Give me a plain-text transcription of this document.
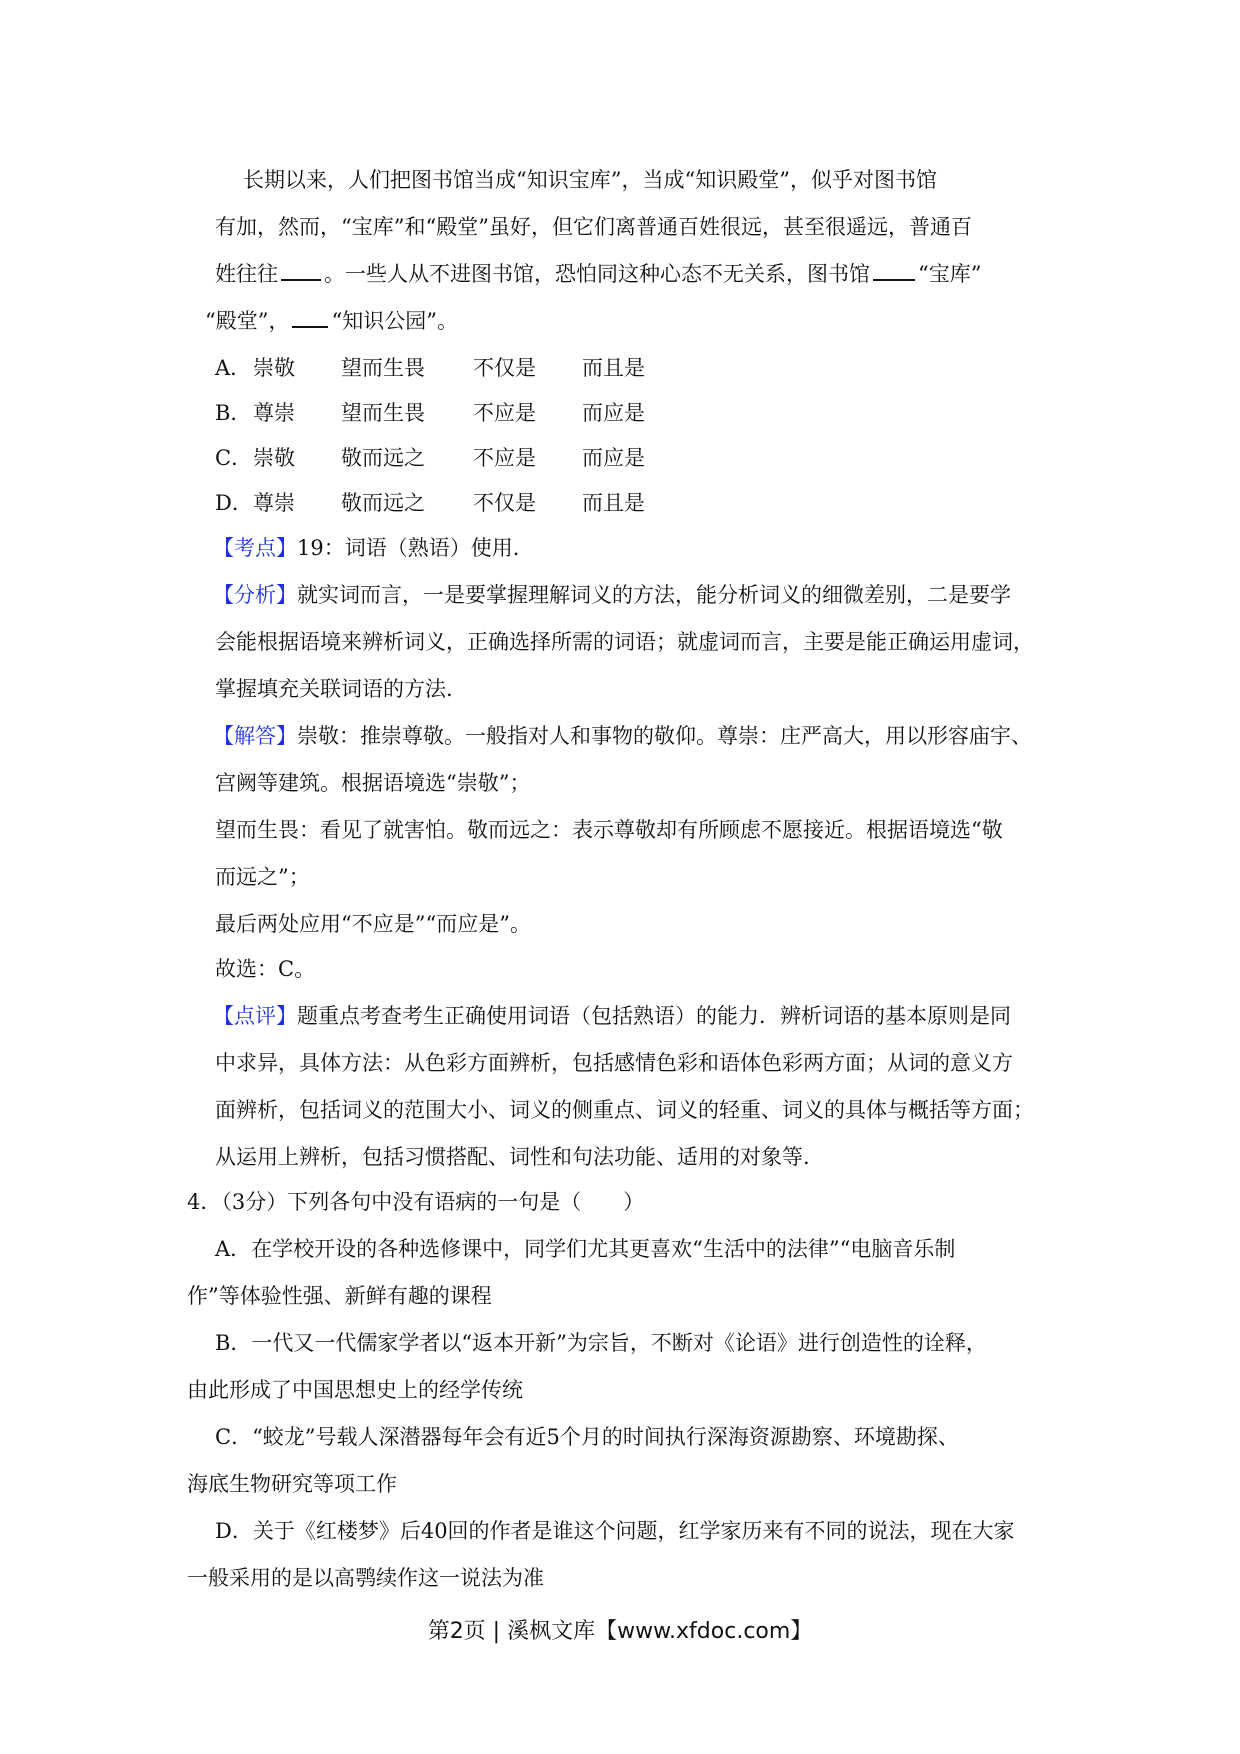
长期以来，人们把图书馆当成“知识宝库”，当成“知识殿堂”，似乎对图书馆
有加，然而，“宝库”和“殿堂”虽好，但它们离普通百姓很远，甚至很遥远，普通百
姓往往 。一些人从不进图书馆，恐怕同这种心态不无关系，图书馆 “宝库”
“殿堂”， “知识公园”。
A．崇敬 望而生畏 不仅是 而且是
B．尊崇 望而生畏 不应是 而应是
C．崇敬 敬而远之 不应是 而应是
D．尊崇 敬而远之 不仅是 而且是
【考点】19：词语（熟语）使用.
【分析】就实词而言，一是要掌握理解词义的方法，能分析词义的细微差别，二是要学
会能根据语境来辨析词义，正确选择所需的词语；就虚词而言，主要是能正确运用虚词，
掌握填充关联词语的方法.
【解答】崇敬：推崇尊敬。一般指对人和事物的敬仰。尊崇：庄严高大，用以形容庙宇、
宫阙等建筑。根据语境选“崇敬”；
望而生畏：看见了就害怕。敬而远之：表示尊敬却有所顾虑不愿接近。根据语境选“敬
而远之”；
最后两处应用“不应是”“而应是”。
故选：C。
【点评】题重点考查考生正确使用词语（包括熟语）的能力．辨析词语的基本原则是同
中求异，具体方法：从色彩方面辨析，包括感情色彩和语体色彩两方面；从词的意义方
面辨析，包括词义的范围大小、词义的侧重点、词义的轻重、词义的具体与概括等方面；
从运用上辨析，包括习惯搭配、词性和句法功能、适用的对象等.
4．（3分）下列各句中没有语病的一句是（　　）
A．在学校开设的各种选修课中，同学们尤其更喜欢“生活中的法律”“电脑音乐制
作”等体验性强、新鲜有趣的课程
B．一代又一代儒家学者以“返本开新”为宗旨，不断对《论语》进行创造性的诠释，
由此形成了中国思想史上的经学传统
C．“蛟龙”号载人深潜器每年会有近5个月的时间执行深海资源勘察、环境勘探、
海底生物研究等项工作
D．关于《红楼梦》后40回的作者是谁这个问题，红学家历来有不同的说法，现在大家
一般采用的是以高鹗续作这一说法为准
第2页 | 溪枫文库【www.xfdoc.com】
